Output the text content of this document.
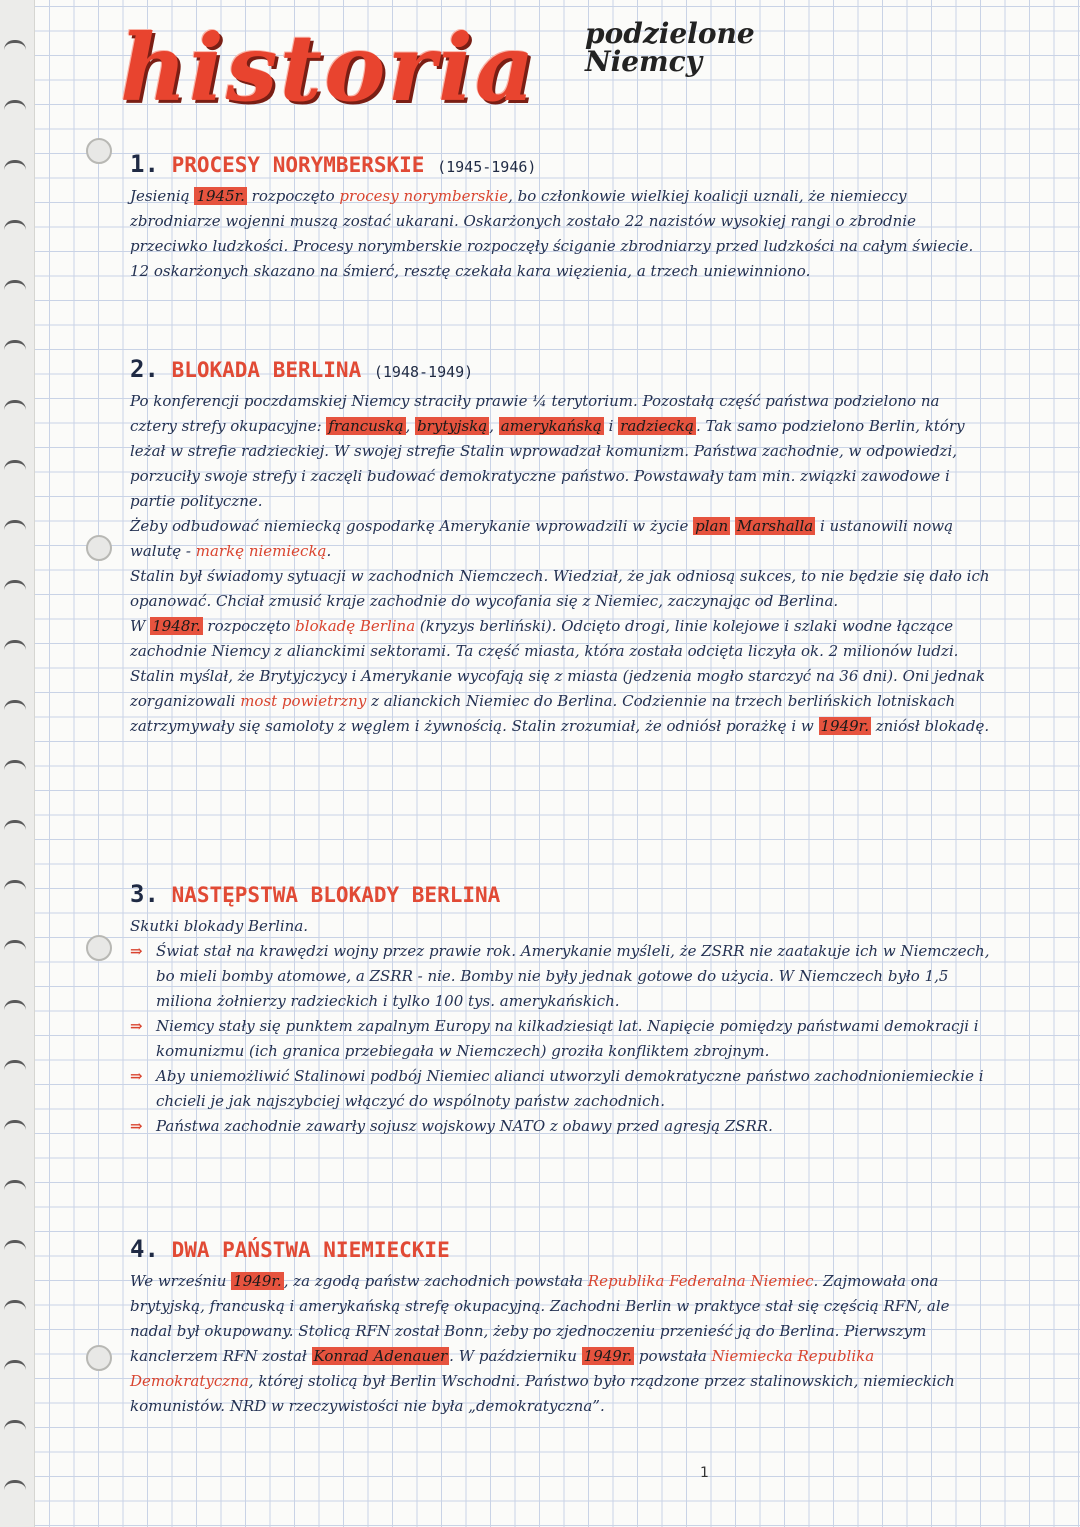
historia podzielone Niemcy
1. PROCESY NORYMBERSKIE (1945-1946)

Jesienią 1945r. rozpoczęto procesy norymberskie, bo członkowie wielkiej koalicji uznali, że niemieccy zbrodniarze wojenni muszą zostać ukarani. Oskarżonych zostało 22 nazistów wysokiej rangi o zbrodnie przeciwko ludzkości. Procesy norymberskie rozpoczęły ściganie zbrodniarzy przed ludzkości na całym świecie. 12 oskarżonych skazano na śmierć, resztę czekała kara więzienia, a trzech uniewinniono.

2. BLOKADA BERLINA (1948-1949)

Po konferencji poczdamskiej Niemcy straciły prawie ¼ terytorium. Pozostałą część państwa podzielono na cztery strefy okupacyjne: francuską , brytyjską , amerykańską i radziecką . Tak samo podzielono Berlin, który leżał w strefie radzieckiej. W swojej strefie Stalin wprowadzał komunizm. Państwa zachodnie, w odpowiedzi, porzuciły swoje strefy i zaczęli budować demokratyczne państwo. Powstawały tam min. związki zawodowe i partie polityczne.

Żeby odbudować niemiecką gospodarkę Amerykanie wprowadzili w życie plan Marshalla i ustanowili nową walutę - markę niemiecką.

Stalin był świadomy sytuacji w zachodnich Niemczech. Wiedział, że jak odniosą sukces, to nie będzie się dało ich opanować. Chciał zmusić kraje zachodnie do wycofania się z Niemiec, zaczynając od Berlina.

W 1948r. rozpoczęto blokadę Berlina (kryzys berliński). Odcięto drogi, linie kolejowe i szlaki wodne łączące zachodnie Niemcy z alianckimi sektorami. Ta część miasta, która została odcięta liczyła ok. 2 milionów ludzi. Stalin myślał, że Brytyjczycy i Amerykanie wycofają się z miasta (jedzenia mogło starczyć na 36 dni). Oni jednak zorganizowali most powietrzny z alianckich Niemiec do Berlina. Codziennie na trzech berlińskich lotniskach zatrzymywały się samoloty z węglem i żywnością. Stalin zrozumiał, że odniósł porażkę i w 1949r. zniósł blokadę.

3. NASTĘPSTWA BLOKADY BERLINA

Skutki blokady Berlina.

⇒ Świat stał na krawędzi wojny przez prawie rok. Amerykanie myśleli, że ZSRR nie zaatakuje ich w Niemczech, bo mieli bomby atomowe, a ZSRR - nie. Bomby nie były jednak gotowe do użycia. W Niemczech było 1,5 miliona żołnierzy radzieckich i tylko 100 tys. amerykańskich.

⇒ Niemcy stały się punktem zapalnym Europy na kilkadziesiąt lat. Napięcie pomiędzy państwami demokracji i komunizmu (ich granica przebiegała w Niemczech) groziła konfliktem zbrojnym.

⇒ Aby uniemożliwić Stalinowi podbój Niemiec alianci utworzyli demokratyczne państwo zachodnioniemieckie i chcieli je jak najszybciej włączyć do wspólnoty państw zachodnich.

⇒ Państwa zachodnie zawarły sojusz wojskowy NATO z obawy przed agresją ZSRR.

4. DWA PAŃSTWA NIEMIECKIE

We wrześniu 1949r. , za zgodą państw zachodnich powstała Republika Federalna Niemiec. Zajmowała ona brytyjską, francuską i amerykańską strefę okupacyjną. Zachodni Berlin w praktyce stał się częścią RFN, ale nadal był okupowany. Stolicą RFN został Bonn, żeby po zjednoczeniu przenieść ją do Berlina. Pierwszym kanclerzem RFN został Konrad Adenauer . W październiku 1949r. powstała Niemiecka Republika Demokratyczna, której stolicą był Berlin Wschodni. Państwo było rządzone przez stalinowskich, niemieckich komunistów. NRD w rzeczywistości nie była „demokratyczna”.

1
